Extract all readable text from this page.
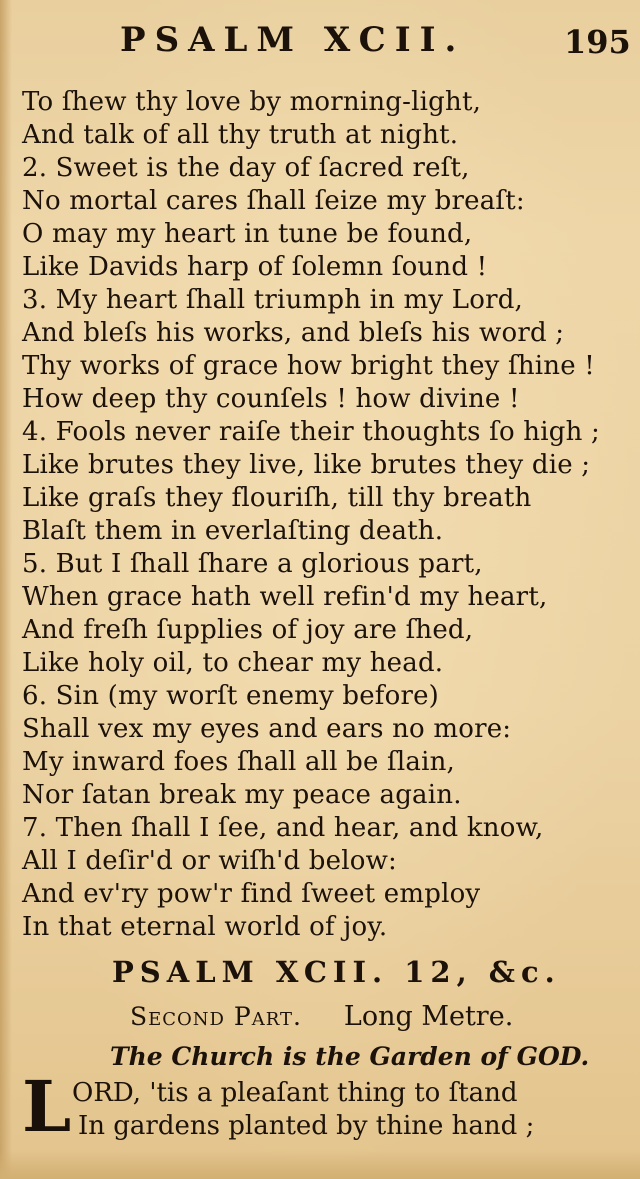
PSALM XCII.	195
To ſhew thy love by morning-light,
And talk of all thy truth at night.
2. Sweet is the day of ſacred reſt,
No mortal cares ſhall ſeize my breaſt:
O may my heart in tune be found,
Like Davids harp of ſolemn ſound !
3. My heart ſhall triumph in my Lord,
And bleſs his works, and bleſs his word ;
Thy works of grace how bright they ſhine !
How deep thy counſels ! how divine !
4. Fools never raiſe their thoughts ſo high ;
Like brutes they live, like brutes they die ;
Like graſs they flouriſh, till thy breath
Blaſt them in everlaſting death.
5. But I ſhall ſhare a glorious part,
When grace hath well refin'd my heart,
And freſh ſupplies of joy are ſhed,
Like holy oil, to chear my head.
6. Sin (my worſt enemy before)
Shall vex my eyes and ears no more:
My inward foes ſhall all be ſlain,
Nor ſatan break my peace again.
7. Then ſhall I ſee, and hear, and know,
All I deſir'd or wiſh'd below:
And ev'ry pow'r find ſweet employ
In that eternal world of joy.
PSALM XCII. 12, &c.
Second Part. Long Metre.
The Church is the Garden of GOD.
L ORD, 'tis a pleaſant thing to ſtand
In gardens planted by thine hand ;
